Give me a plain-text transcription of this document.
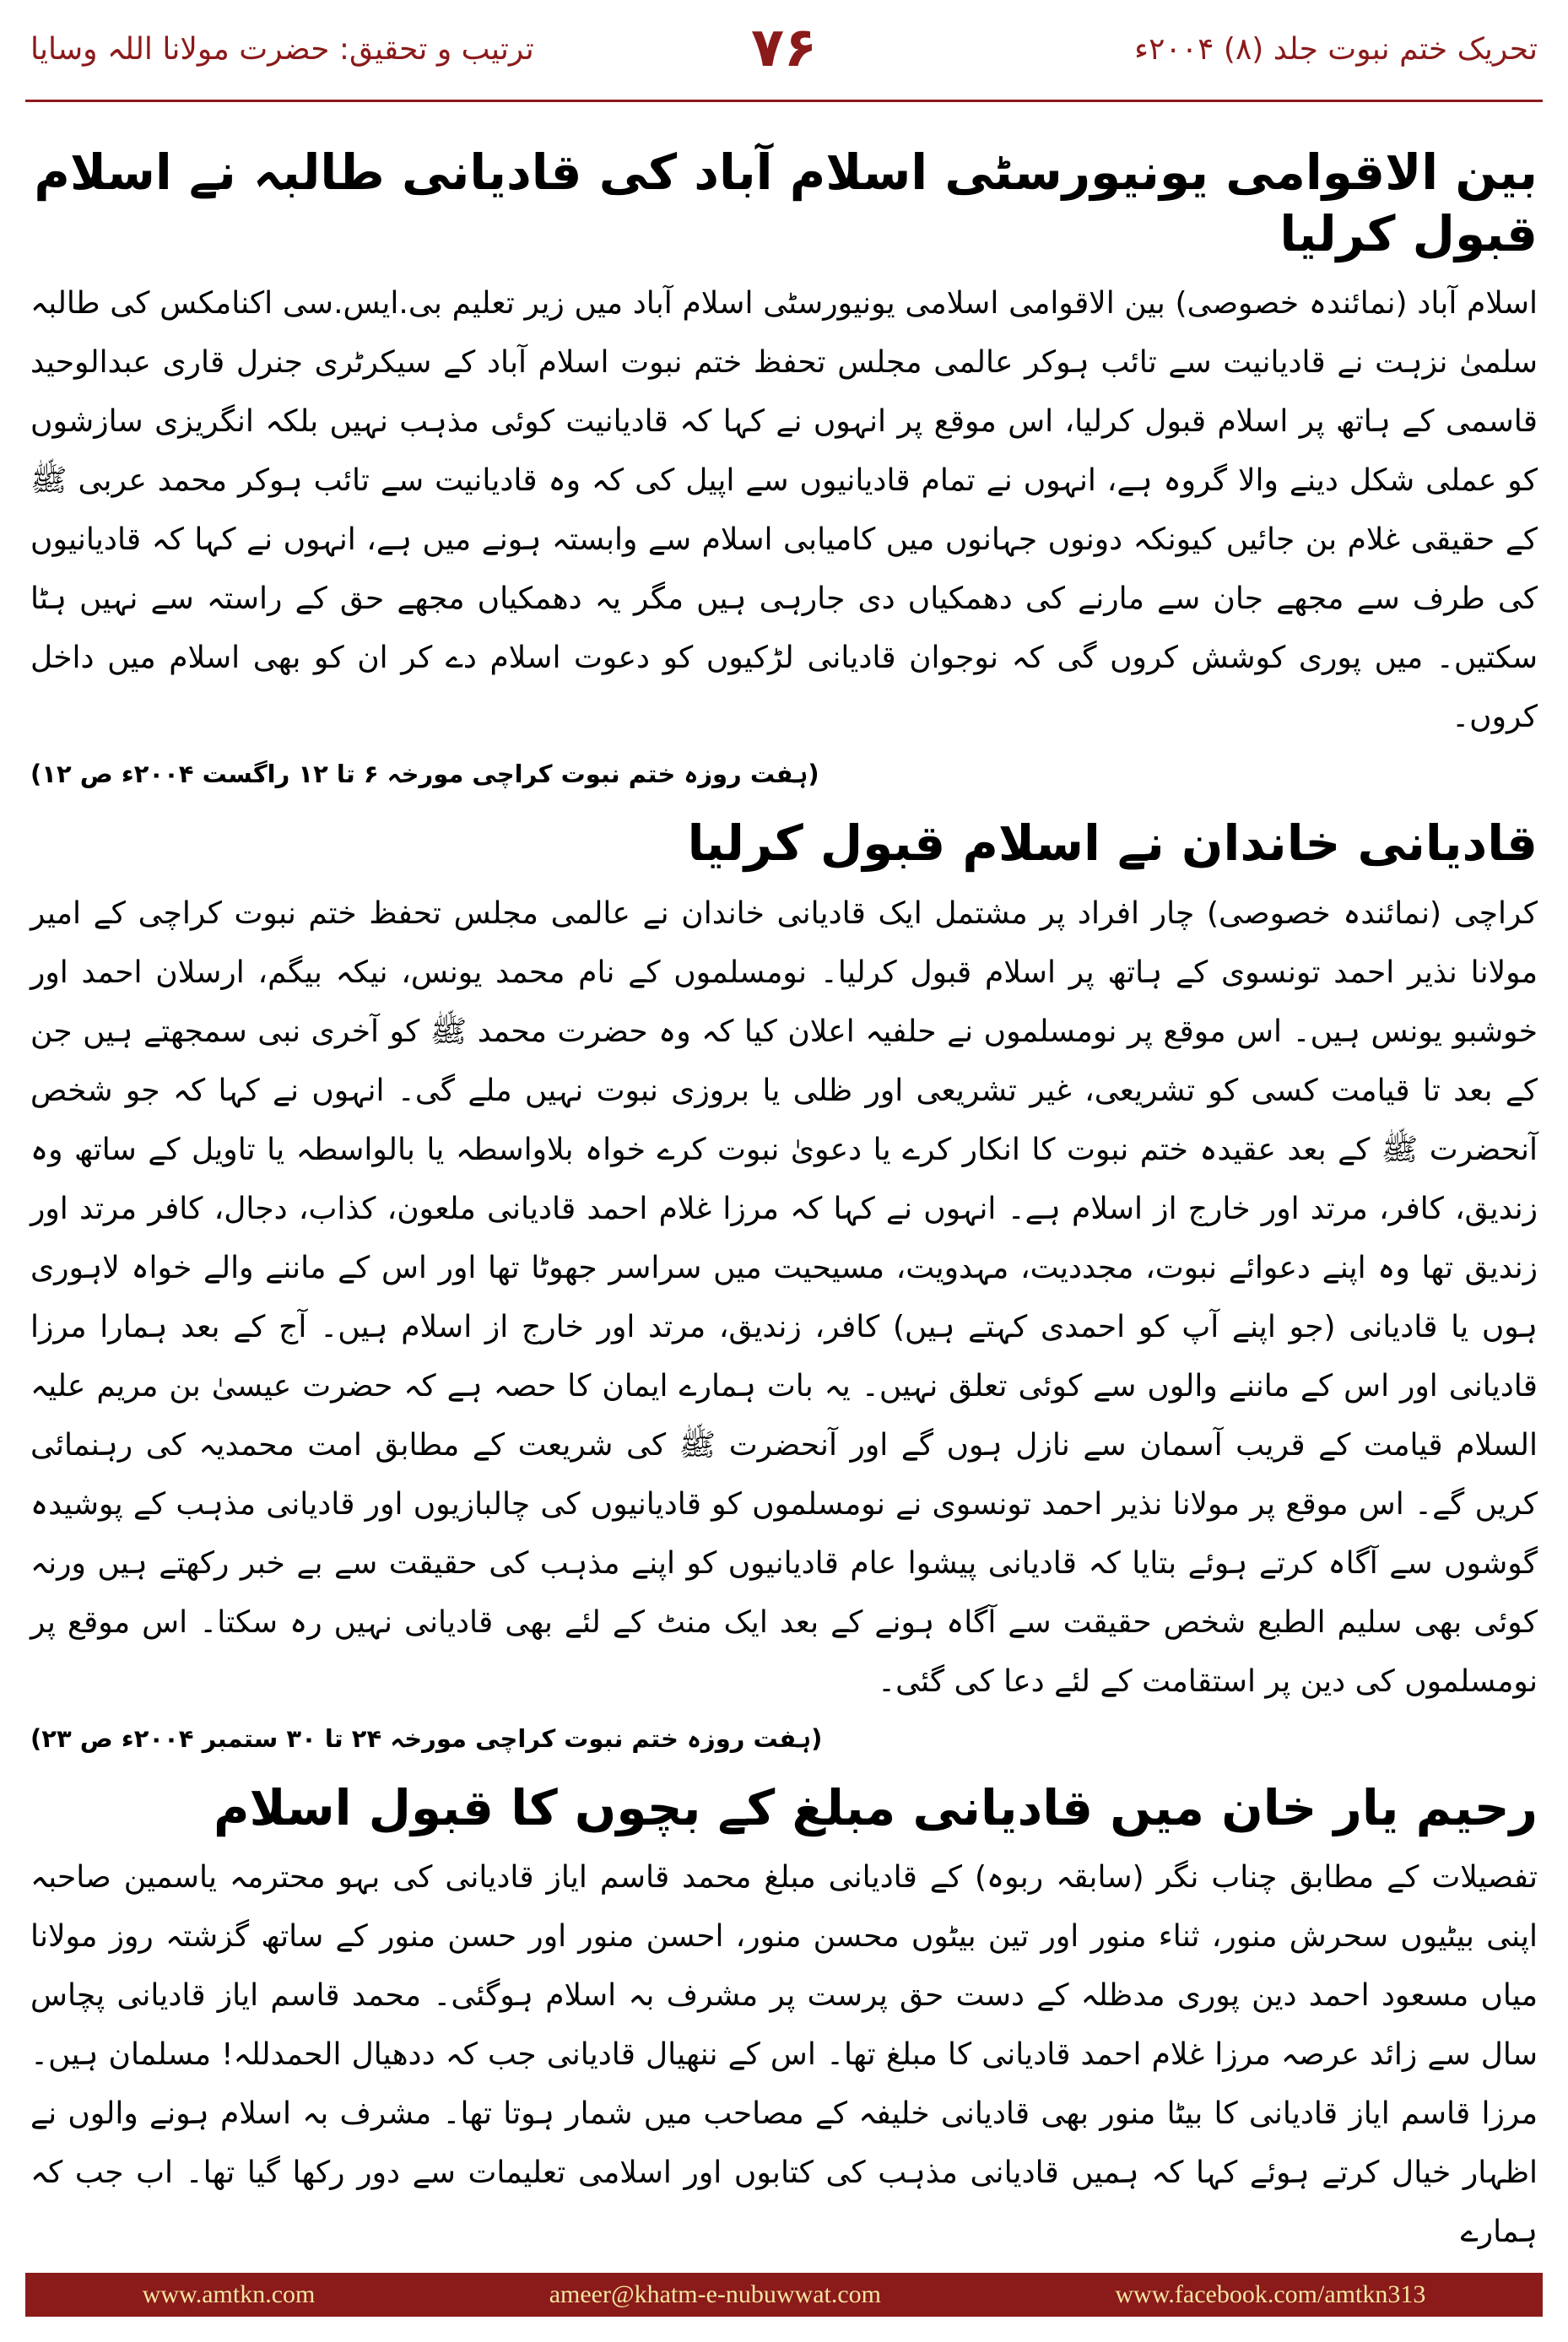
تحریک ختم نبوت جلد (۸) ۲۰۰۴ء
۷۶
ترتیب و تحقیق: حضرت مولانا اللہ وسایا
بین الاقوامی یونیورسٹی اسلام آباد کی قادیانی طالبہ نے اسلام قبول کرلیا

اسلام آباد (نمائندہ خصوصی) بین الاقوامی اسلامی یونیورسٹی اسلام آباد میں زیر تعلیم بی.ایس.سی اکنامکس کی طالبہ سلمیٰ نزہت نے قادیانیت سے تائب ہوکر عالمی مجلس تحفظ ختم نبوت اسلام آباد کے سیکرٹری جنرل قاری عبدالوحید قاسمی کے ہاتھ پر اسلام قبول کرلیا، اس موقع پر انہوں نے کہا کہ قادیانیت کوئی مذہب نہیں بلکہ انگریزی سازشوں کو عملی شکل دینے والا گروہ ہے، انہوں نے تمام قادیانیوں سے اپیل کی کہ وہ قادیانیت سے تائب ہوکر محمد عربی ﷺ کے حقیقی غلام بن جائیں کیونکہ دونوں جہانوں میں کامیابی اسلام سے وابستہ ہونے میں ہے، انہوں نے کہا کہ قادیانیوں کی طرف سے مجھے جان سے مارنے کی دھمکیاں دی جارہی ہیں مگر یہ دھمکیاں مجھے حق کے راستہ سے نہیں ہٹا سکتیں۔ میں پوری کوشش کروں گی کہ نوجوان قادیانی لڑکیوں کو دعوت اسلام دے کر ان کو بھی اسلام میں داخل کروں۔

(ہفت روزہ ختم نبوت کراچی مورخہ ۶ تا ۱۲ راگست ۲۰۰۴ء ص ۱۲)

قادیانی خاندان نے اسلام قبول کرلیا

کراچی (نمائندہ خصوصی) چار افراد پر مشتمل ایک قادیانی خاندان نے عالمی مجلس تحفظ ختم نبوت کراچی کے امیر مولانا نذیر احمد تونسوی کے ہاتھ پر اسلام قبول کرلیا۔ نومسلموں کے نام محمد یونس، نیکہ بیگم، ارسلان احمد اور خوشبو یونس ہیں۔ اس موقع پر نومسلموں نے حلفیہ اعلان کیا کہ وہ حضرت محمد ﷺ کو آخری نبی سمجھتے ہیں جن کے بعد تا قیامت کسی کو تشریعی، غیر تشریعی اور ظلی یا بروزی نبوت نہیں ملے گی۔ انہوں نے کہا کہ جو شخص آنحضرت ﷺ کے بعد عقیدہ ختم نبوت کا انکار کرے یا دعویٰ نبوت کرے خواہ بلاواسطہ یا بالواسطہ یا تاویل کے ساتھ وہ زندیق، کافر، مرتد اور خارج از اسلام ہے۔ انہوں نے کہا کہ مرزا غلام احمد قادیانی ملعون، کذاب، دجال، کافر مرتد اور زندیق تھا وہ اپنے دعوائے نبوت، مجددیت، مہدویت، مسیحیت میں سراسر جھوٹا تھا اور اس کے ماننے والے خواہ لاہوری ہوں یا قادیانی (جو اپنے آپ کو احمدی کہتے ہیں) کافر، زندیق، مرتد اور خارج از اسلام ہیں۔ آج کے بعد ہمارا مرزا قادیانی اور اس کے ماننے والوں سے کوئی تعلق نہیں۔ یہ بات ہمارے ایمان کا حصہ ہے کہ حضرت عیسیٰ بن مریم علیہ السلام قیامت کے قریب آسمان سے نازل ہوں گے اور آنحضرت ﷺ کی شریعت کے مطابق امت محمدیہ کی رہنمائی کریں گے۔ اس موقع پر مولانا نذیر احمد تونسوی نے نومسلموں کو قادیانیوں کی چالبازیوں اور قادیانی مذہب کے پوشیدہ گوشوں سے آگاہ کرتے ہوئے بتایا کہ قادیانی پیشوا عام قادیانیوں کو اپنے مذہب کی حقیقت سے بے خبر رکھتے ہیں ورنہ کوئی بھی سلیم الطبع شخص حقیقت سے آگاہ ہونے کے بعد ایک منٹ کے لئے بھی قادیانی نہیں رہ سکتا۔ اس موقع پر نومسلموں کی دین پر استقامت کے لئے دعا کی گئی۔

(ہفت روزہ ختم نبوت کراچی مورخہ ۲۴ تا ۳۰ ستمبر ۲۰۰۴ء ص ۲۳)

رحیم یار خان میں قادیانی مبلغ کے بچوں کا قبول اسلام

تفصیلات کے مطابق چناب نگر (سابقہ ربوہ) کے قادیانی مبلغ محمد قاسم ایاز قادیانی کی بہو محترمہ یاسمین صاحبہ اپنی بیٹیوں سحرش منور، ثناء منور اور تین بیٹوں محسن منور، احسن منور اور حسن منور کے ساتھ گزشتہ روز مولانا میاں مسعود احمد دین پوری مدظلہ کے دست حق پرست پر مشرف بہ اسلام ہوگئی۔ محمد قاسم ایاز قادیانی پچاس سال سے زائد عرصہ مرزا غلام احمد قادیانی کا مبلغ تھا۔ اس کے ننھیال قادیانی جب کہ ددھیال الحمدللہ! مسلمان ہیں۔ مرزا قاسم ایاز قادیانی کا بیٹا منور بھی قادیانی خلیفہ کے مصاحب میں شمار ہوتا تھا۔ مشرف بہ اسلام ہونے والوں نے اظہار خیال کرتے ہوئے کہا کہ ہمیں قادیانی مذہب کی کتابوں اور اسلامی تعلیمات سے دور رکھا گیا تھا۔ اب جب کہ ہمارے

www.amtkn.com	ameer@khatm-e-nubuwwat.com	www.facebook.com/amtkn313
